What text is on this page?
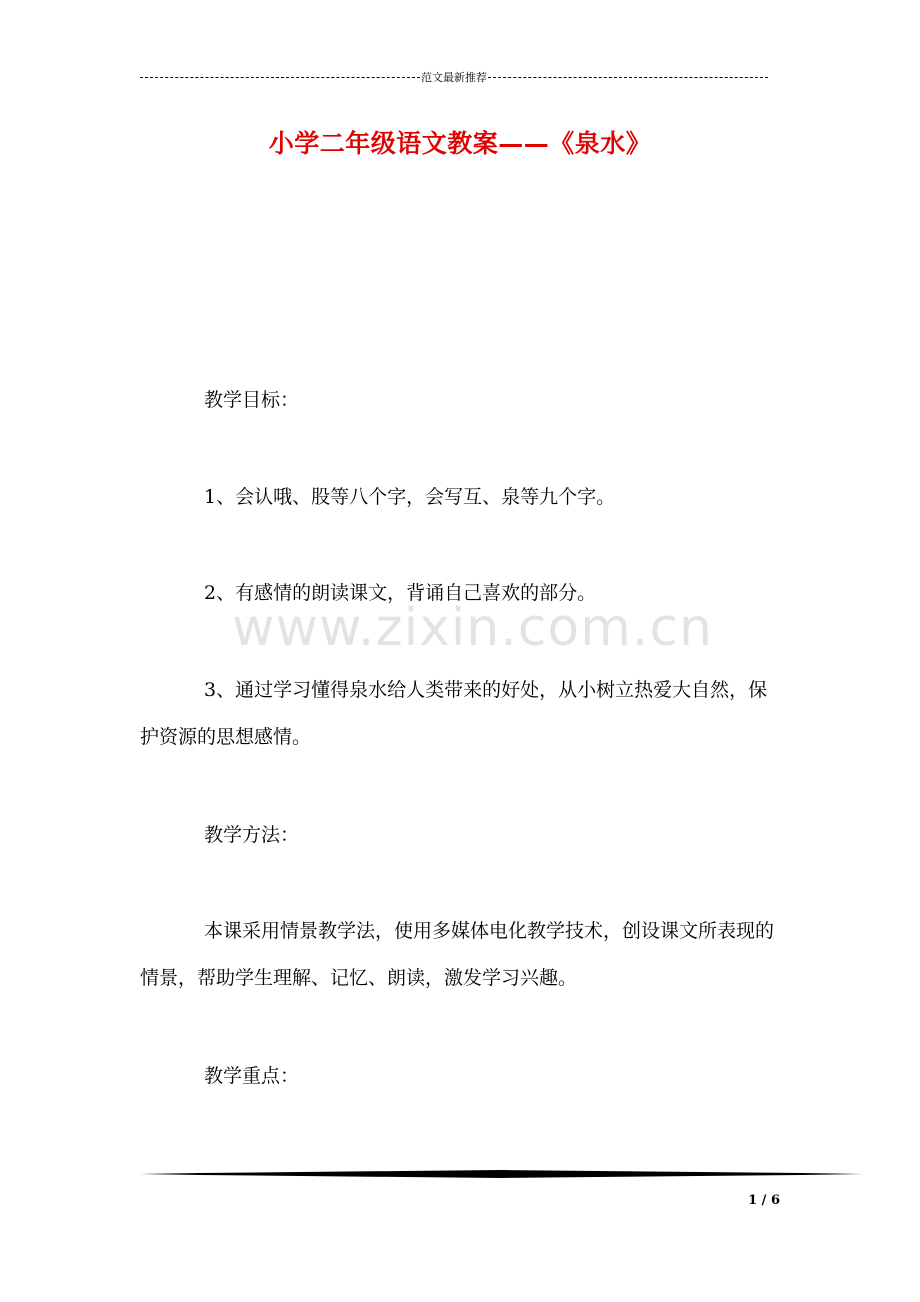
范文最新推荐
小学二年级语文教案——《泉水》

教学目标：

1、会认哦、股等八个字，会写互、泉等九个字。

2、有感情的朗读课文，背诵自己喜欢的部分。

3、通过学习懂得泉水给人类带来的好处，从小树立热爱大自然，保护资源的思想感情。

教学方法：

本课采用情景教学法，使用多媒体电化教学技术，创设课文所表现的情景，帮助学生理解、记忆、朗读，激发学习兴趣。

教学重点：

www.zixin.com.cn
1 / 6
